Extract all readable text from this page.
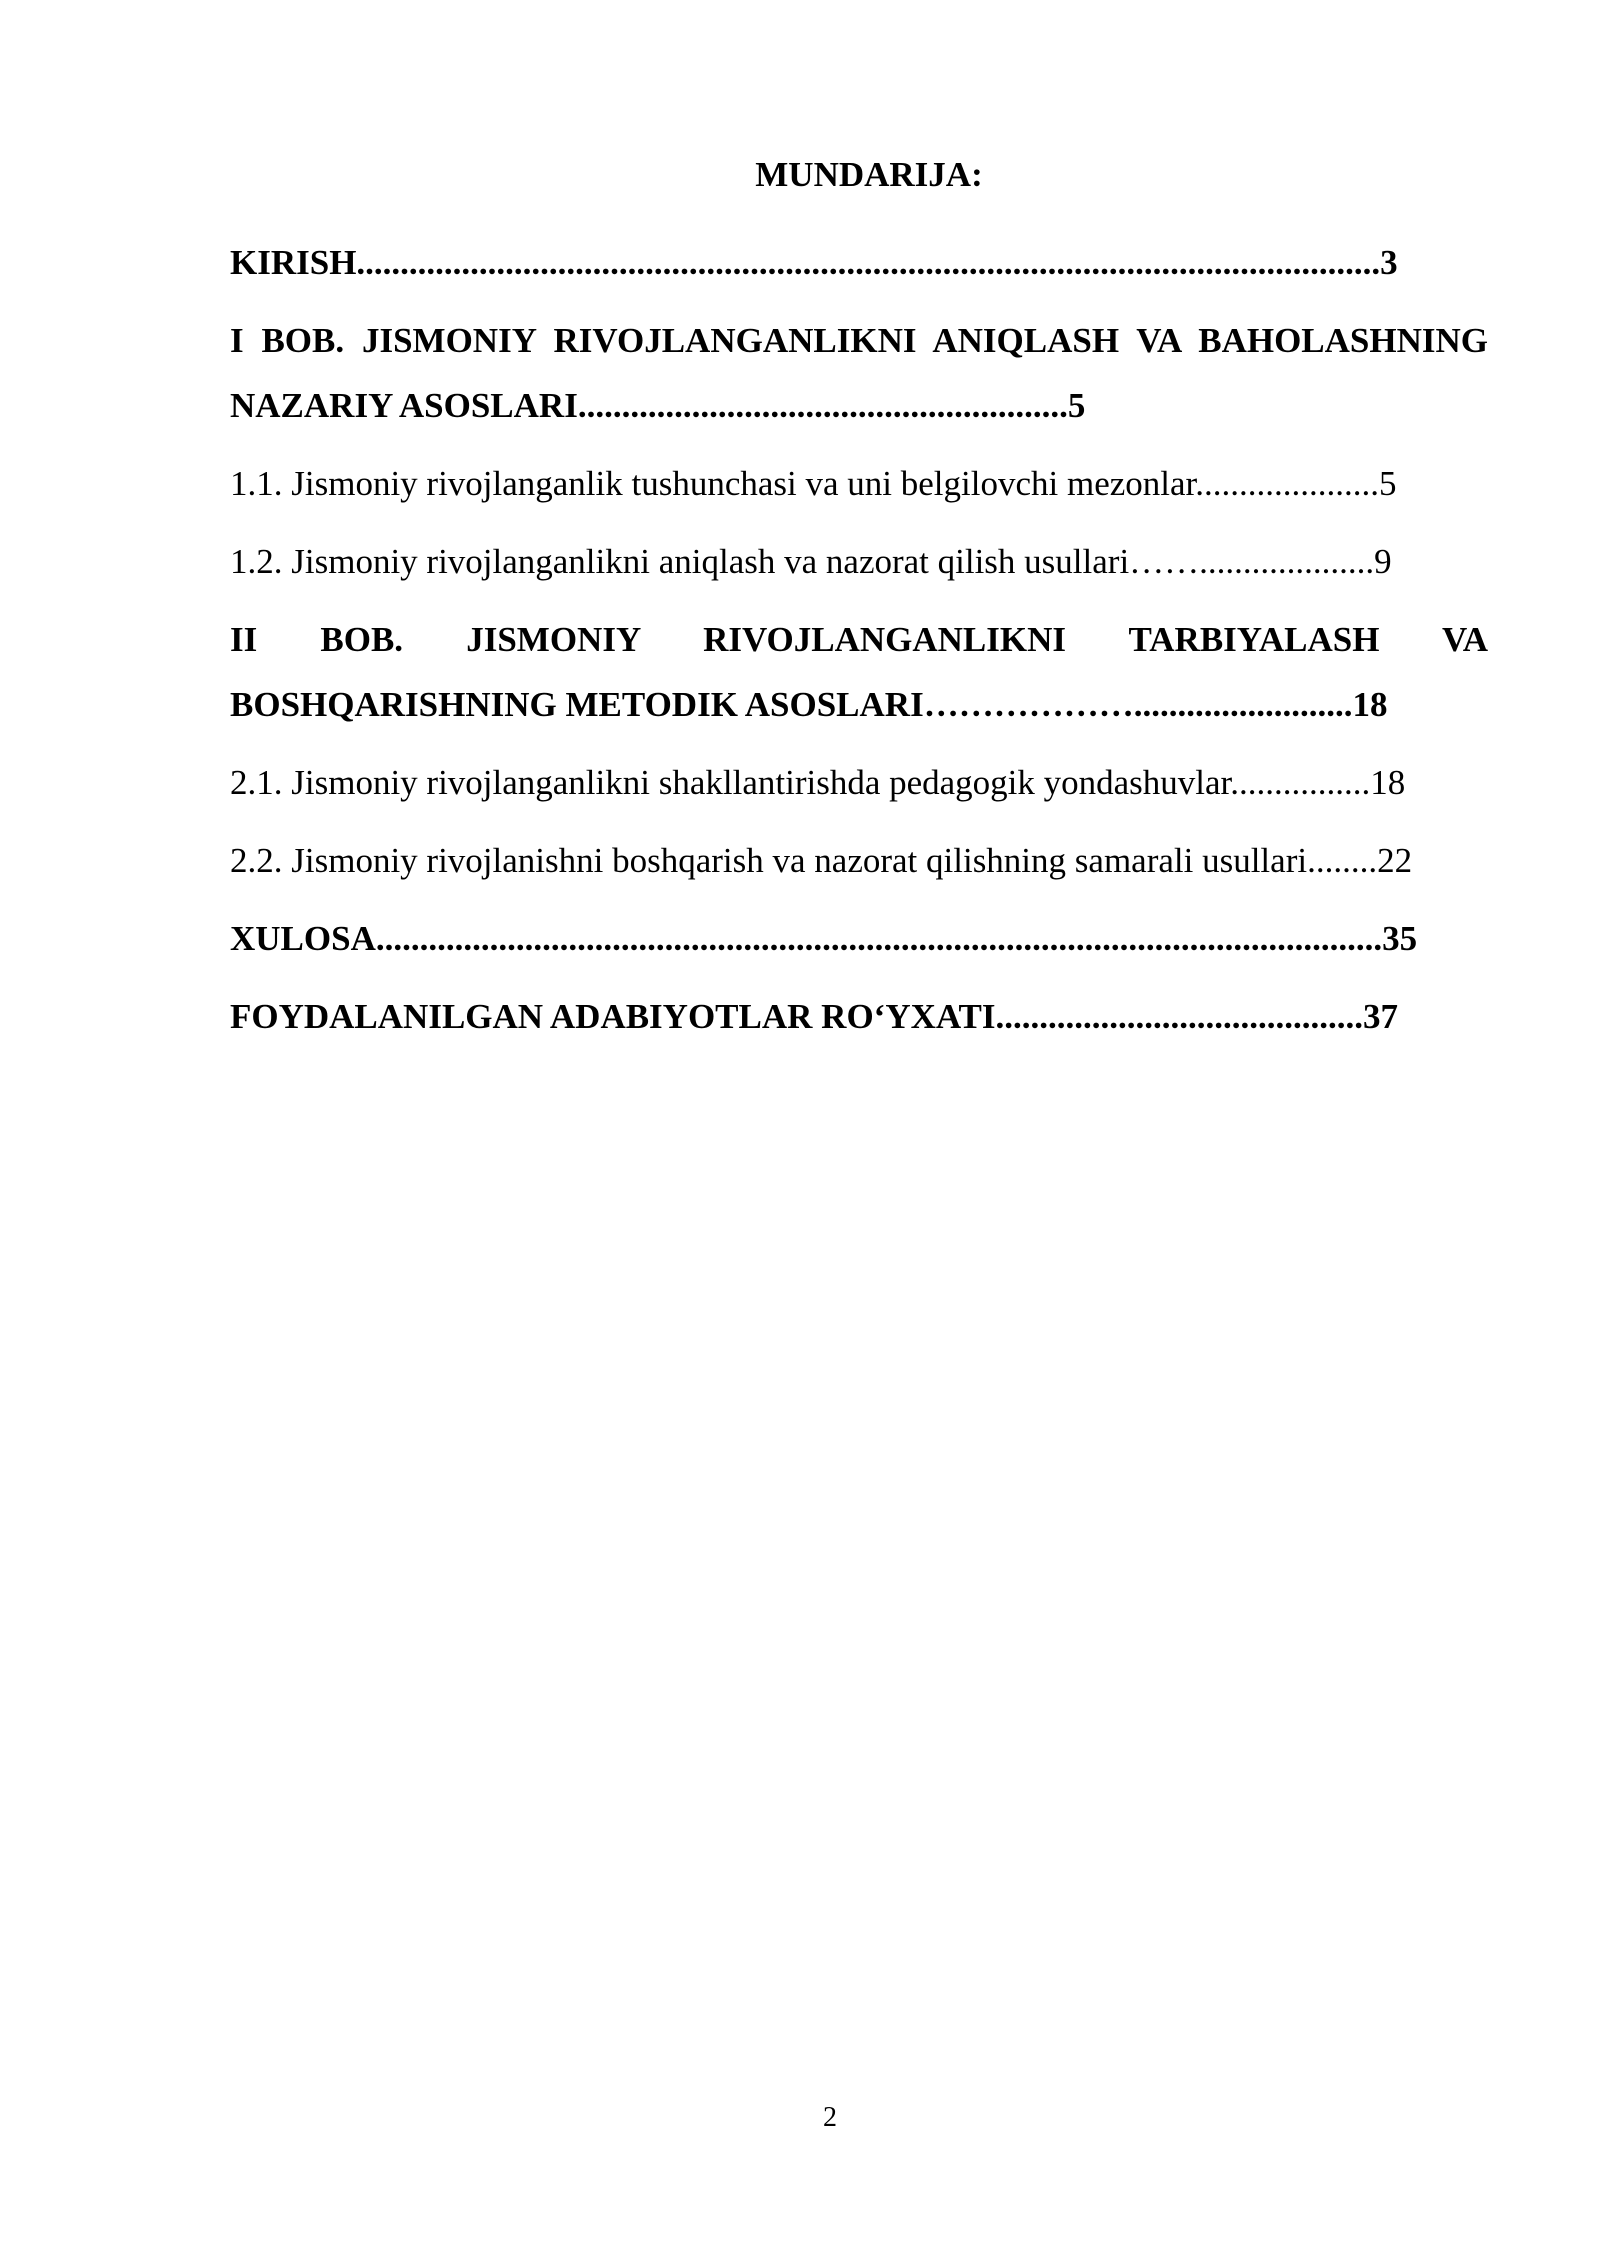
MUNDARIJA:
KIRISH.....................................................................................................................3
I BOB. JISMONIY RIVOJLANGANLIKNI ANIQLASH VA BAHOLASHNING NAZARIY ASOSLARI........................................................5
1.1. Jismoniy rivojlanganlik tushunchasi va uni belgilovchi mezonlar.....................5
1.2. Jismoniy rivojlanganlikni aniqlash va nazorat qilish usullari……....................9
II BOB. JISMONIY RIVOJLANGANLIKNI TARBIYALASH VA BOSHQARISHNING METODIK ASOSLARI……………….........................18
2.1. Jismoniy rivojlanganlikni shakllantirishda pedagogik yondashuvlar................18
2.2. Jismoniy rivojlanishni boshqarish va nazorat qilishning samarali usullari........22
XULOSA...................................................................................................................35
FOYDALANILGAN ADABIYOTLAR RO‘YXATI..........................................37
2
